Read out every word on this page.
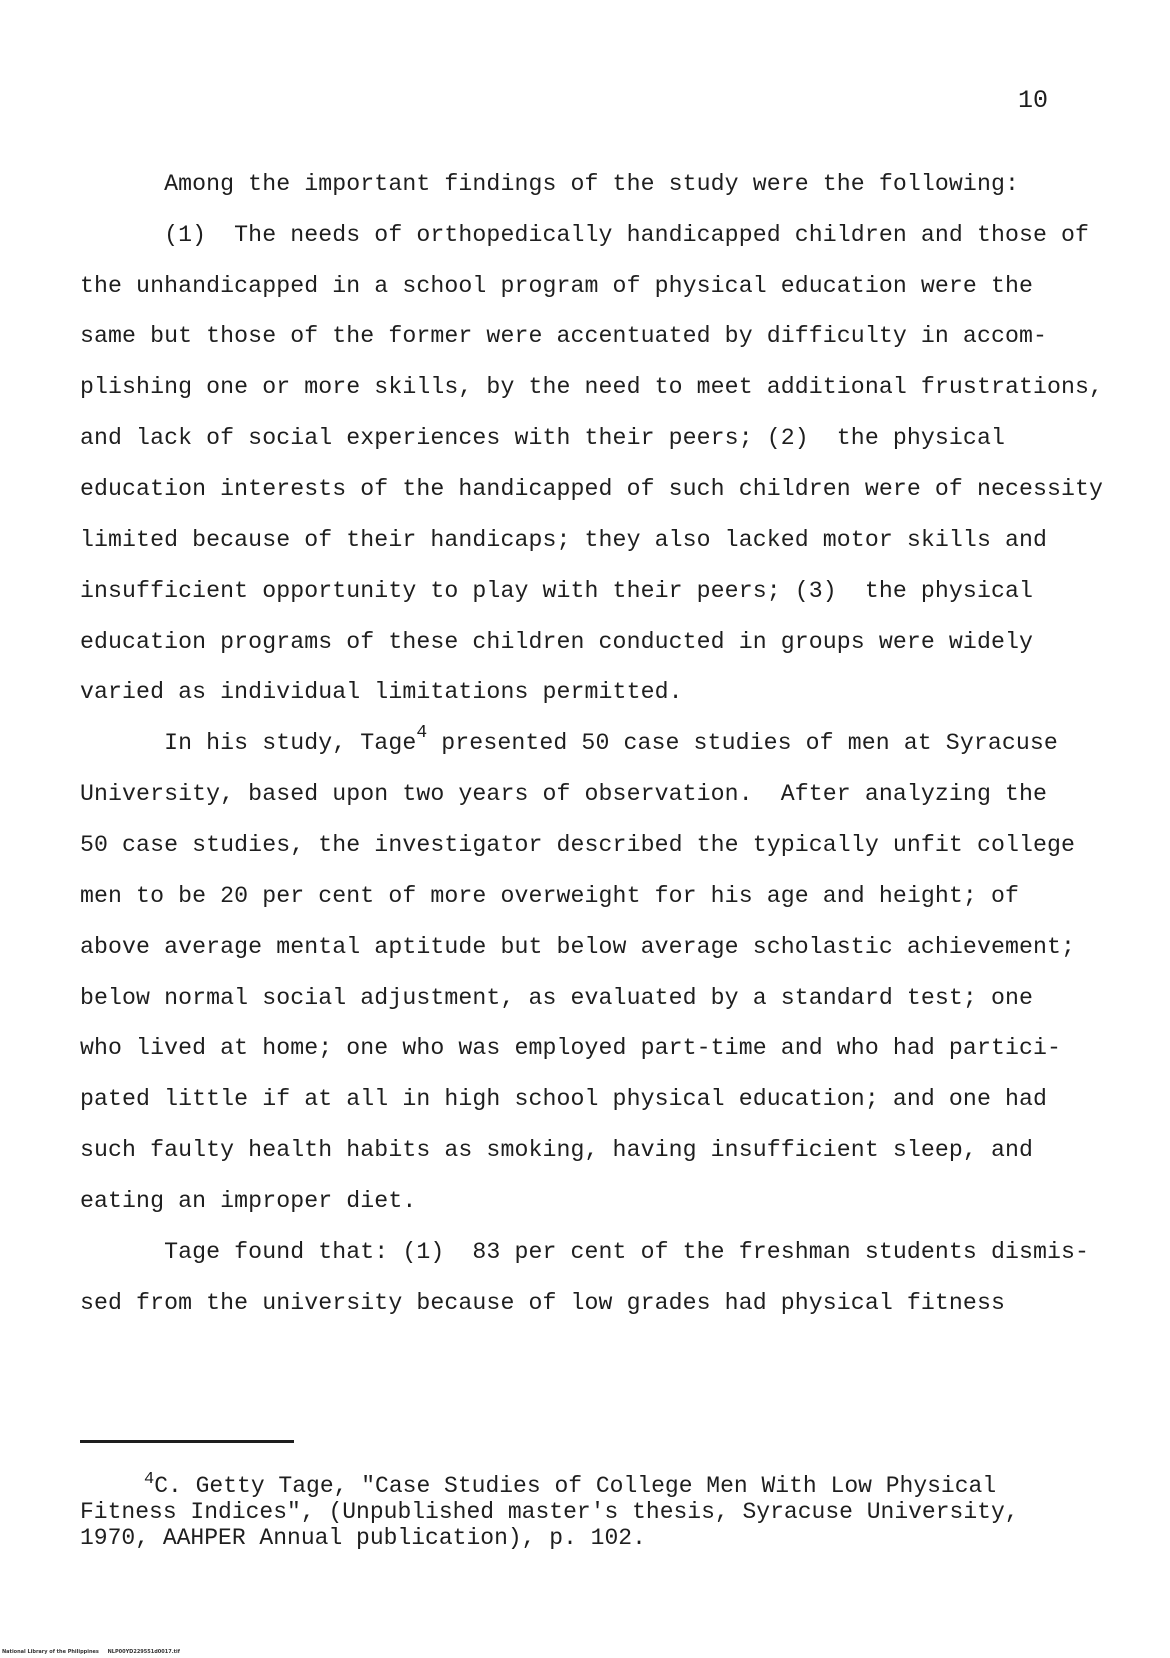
10
Among the important findings of the study were the following:
(1)  The needs of orthopedically handicapped children and those of
the unhandicapped in a school program of physical education were the
same but those of the former were accentuated by difficulty in accom-
plishing one or more skills, by the need to meet additional frustrations,
and lack of social experiences with their peers; (2)  the physical
education interests of the handicapped of such children were of necessity
limited because of their handicaps; they also lacked motor skills and
insufficient opportunity to play with their peers; (3)  the physical
education programs of these children conducted in groups were widely
varied as individual limitations permitted.
In his study, Tage$^4$ presented 50 case studies of men at Syracuse
University, based upon two years of observation.  After analyzing the
50 case studies, the investigator described the typically unfit college
men to be 20 per cent of more overweight for his age and height; of
above average mental aptitude but below average scholastic achievement;
below normal social adjustment, as evaluated by a standard test; one
who lived at home; one who was employed part-time and who had partici-
pated little if at all in high school physical education; and one had
such faulty health habits as smoking, having insufficient sleep, and
eating an improper diet.
Tage found that: (1)  83 per cent of the freshman students dismis-
sed from the university because of low grades had physical fitness
$^4$C. Getty Tage, "Case Studies of College Men With Low Physical
Fitness Indices", (Unpublished master's thesis, Syracuse University,
1970, AAHPER Annual publication), p. 102.
National Library of the Philippines     NLP00YD229551d0017.tif
